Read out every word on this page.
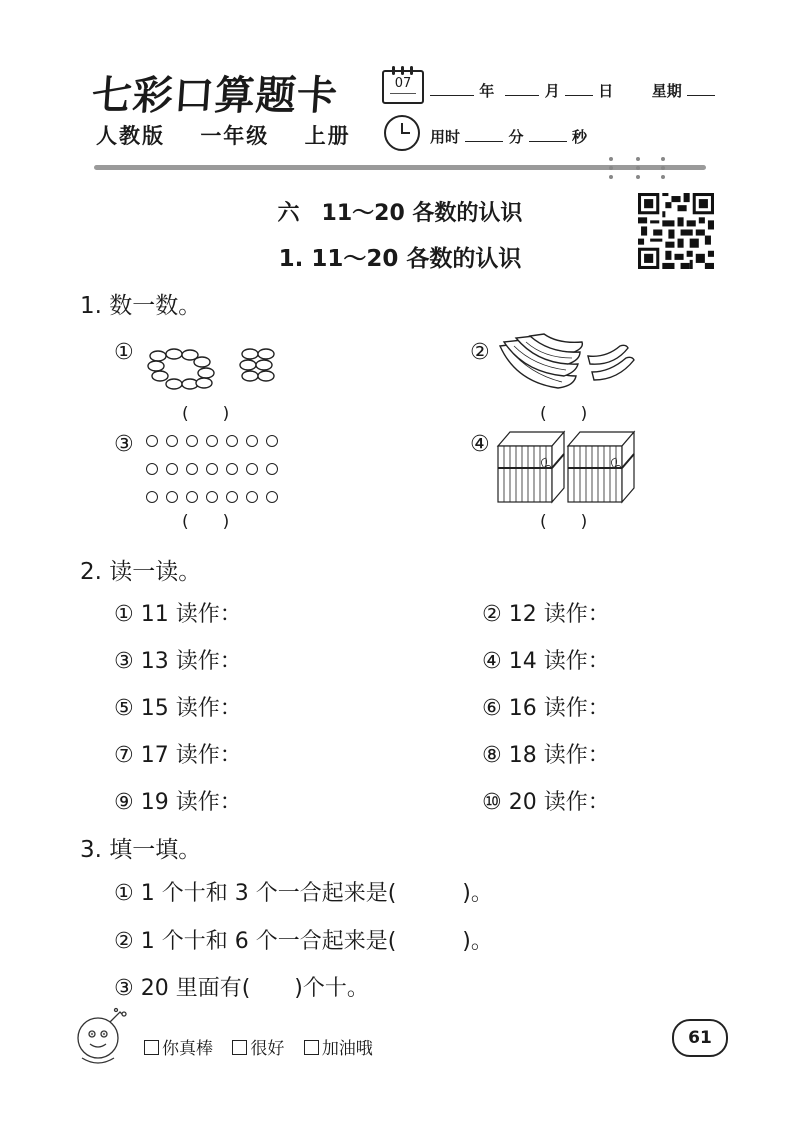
七彩口算题卡
人教版 一年级 上册
07	年	月	日	星期
用时	分	秒
六　11～20 各数的认识
1. 11～20 各数的认识
1. 数一数。
①
(　　)
②
(　　)
③
(　　)
④
(　　)
2. 读一读。
① 11 读作：	② 12 读作：
③ 13 读作：	④ 14 读作：
⑤ 15 读作：	⑥ 16 读作：
⑦ 17 读作：	⑧ 18 读作：
⑨ 19 读作：	⑩ 20 读作：
3. 填一填。
① 1 个十和 3 个一合起来是(　　　)。
② 1 个十和 6 个一合起来是(　　　)。
③ 20 里面有(　　)个十。
你真棒 很好 加油哦
61
